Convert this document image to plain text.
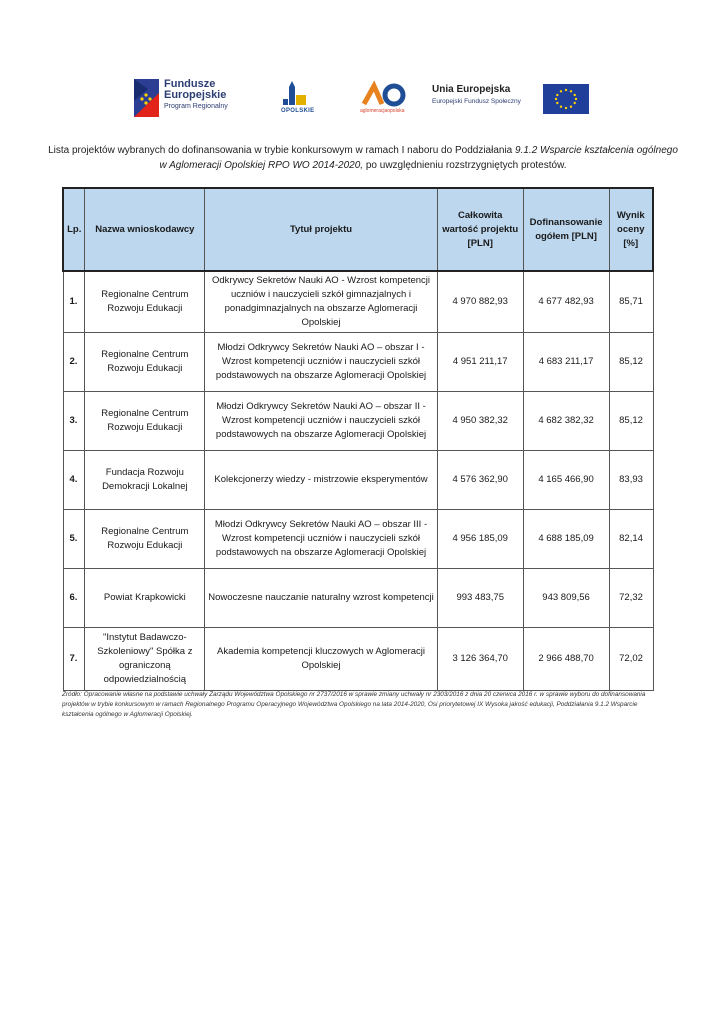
Fundusze
Europejskie
Program Regionalny
OPOLSKIE	aglomeracjaopolska
Unia Europejska
Europejski Fundusz Społeczny
Lista projektów wybranych do dofinansowania w trybie konkursowym w ramach I naboru do Poddziałania 9.1.2 Wsparcie kształcenia ogólnego w Aglomeracji Opolskiej RPO WO 2014-2020, po uwzględnieniu rozstrzygniętych protestów.
Lp.	Nazwa wnioskodawcy	Tytuł projektu	Całkowita wartość projektu [PLN]	Dofinansowanie ogółem [PLN]	Wynik oceny [%]
1.	Regionalne Centrum Rozwoju Edukacji	Odkrywcy Sekretów Nauki AO - Wzrost kompetencji uczniów i nauczycieli szkół gimnazjalnych i ponadgimnazjalnych na obszarze Aglomeracji Opolskiej	4 970 882,93	4 677 482,93	85,71
2.	Regionalne Centrum Rozwoju Edukacji	Młodzi Odkrywcy Sekretów Nauki AO – obszar I - Wzrost kompetencji uczniów i nauczycieli szkół podstawowych na obszarze Aglomeracji Opolskiej	4 951 211,17	4 683 211,17	85,12
3.	Regionalne Centrum Rozwoju Edukacji	Młodzi Odkrywcy Sekretów Nauki AO – obszar II - Wzrost kompetencji uczniów i nauczycieli szkół podstawowych na obszarze Aglomeracji Opolskiej	4 950 382,32	4 682 382,32	85,12
4.	Fundacja Rozwoju Demokracji Lokalnej	Kolekcjonerzy wiedzy - mistrzowie eksperymentów	4 576 362,90	4 165 466,90	83,93
5.	Regionalne Centrum Rozwoju Edukacji	Młodzi Odkrywcy Sekretów Nauki AO – obszar III - Wzrost kompetencji uczniów i nauczycieli szkół podstawowych na obszarze Aglomeracji Opolskiej	4 956 185,09	4 688 185,09	82,14
6.	Powiat Krapkowicki	Nowoczesne nauczanie naturalny wzrost kompetencji	993 483,75	943 809,56	72,32
7.	"Instytut Badawczo-Szkoleniowy" Spółka z ograniczoną odpowiedzialnością	Akademia kompetencji kluczowych w Aglomeracji Opolskiej	3 126 364,70	2 966 488,70	72,02
Źródło: Opracowanie własne na podstawie uchwały Zarządu Województwa Opolskiego nr 2737/2016 w sprawie zmiany uchwały nr 2303/2016 z dnia 20 czerwca 2016 r. w sprawie wyboru do dofinansowania projektów w trybie konkursowym w ramach Regionalnego Programu Operacyjnego Województwa Opolskiego na lata 2014-2020, Osi priorytetowej IX Wysoka jakość edukacji, Poddziałania 9.1.2 Wsparcie kształcenia ogólnego w Aglomeracji Opolskiej.
